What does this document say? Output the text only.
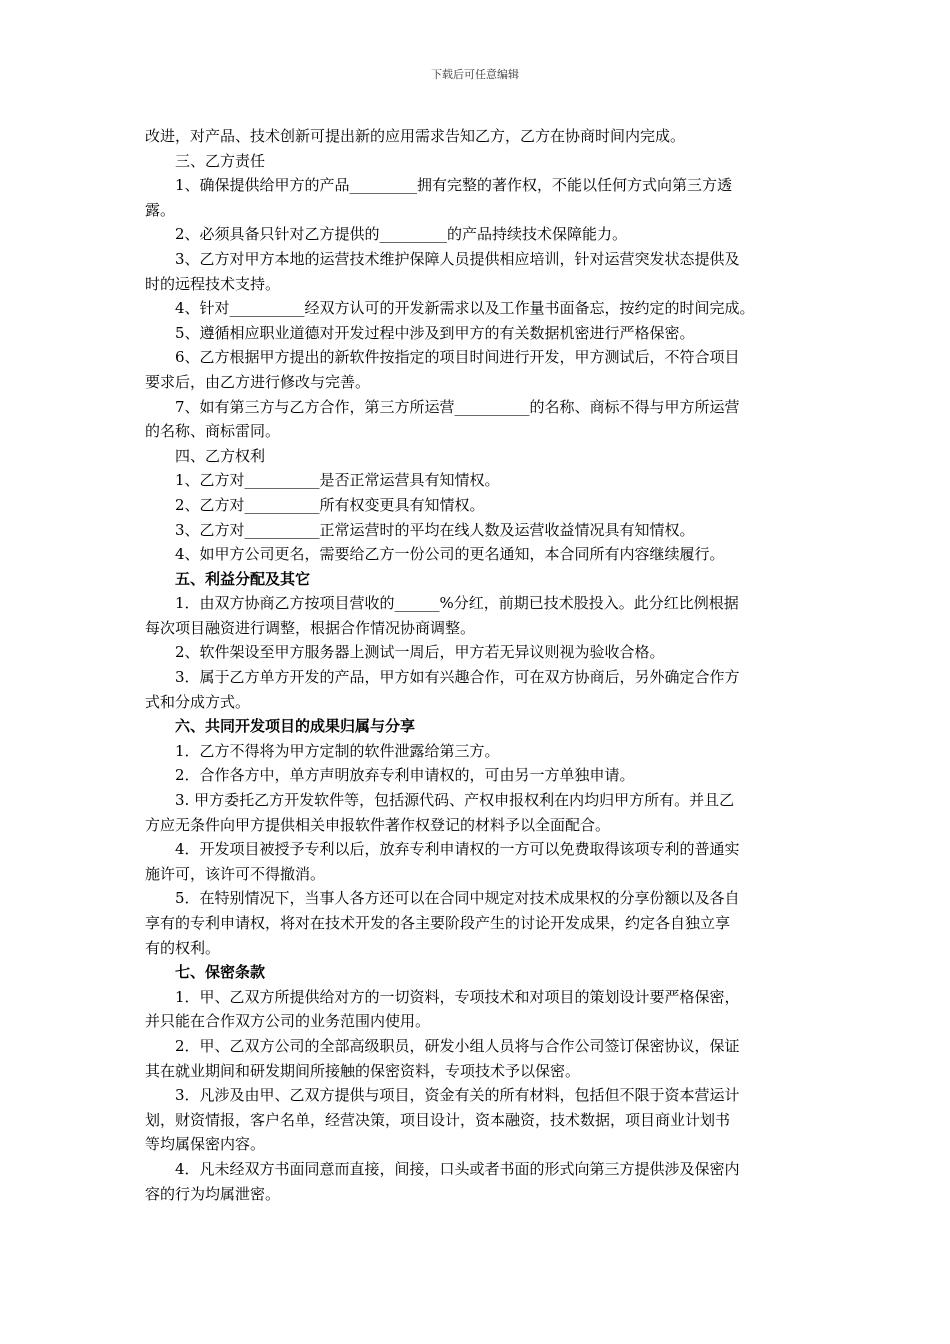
下载后可任意编辑
改进，对产品、技术创新可提出新的应用需求告知乙方，乙方在协商时间内完成。
三、乙方责任
1、确保提供给甲方的产品_________拥有完整的著作权，不能以任何方式向第三方透
露。
2、必须具备只针对乙方提供的_________的产品持续技术保障能力。
3、乙方对甲方本地的运营技术维护保障人员提供相应培训，针对运营突发状态提供及
时的远程技术支持。
4、针对__________经双方认可的开发新需求以及工作量书面备忘，按约定的时间完成。
5、遵循相应职业道德对开发过程中涉及到甲方的有关数据机密进行严格保密。
6、乙方根据甲方提出的新软件按指定的项目时间进行开发，甲方测试后，不符合项目
要求后，由乙方进行修改与完善。
7、如有第三方与乙方合作，第三方所运营__________的名称、商标不得与甲方所运营
的名称、商标雷同。
四、乙方权利
1、乙方对__________是否正常运营具有知情权。
2、乙方对__________所有权变更具有知情权。
3、乙方对__________正常运营时的平均在线人数及运营收益情况具有知情权。
4、如甲方公司更名，需要给乙方一份公司的更名通知，本合同所有内容继续履行。
五、利益分配及其它
1．由双方协商乙方按项目营收的______%分红，前期已技术股投入。此分红比例根据
每次项目融资进行调整，根据合作情况协商调整。
2、软件架设至甲方服务器上测试一周后，甲方若无异议则视为验收合格。
3．属于乙方单方开发的产品，甲方如有兴趣合作，可在双方协商后，另外确定合作方
式和分成方式。
六、共同开发项目的成果归属与分享
1．乙方不得将为甲方定制的软件泄露给第三方。
2．合作各方中，单方声明放弃专利申请权的，可由另一方单独申请。
3. 甲方委托乙方开发软件等，包括源代码、产权申报权利在内均归甲方所有。并且乙
方应无条件向甲方提供相关申报软件著作权登记的材料予以全面配合。
4．开发项目被授予专利以后，放弃专利申请权的一方可以免费取得该项专利的普通实
施许可，该许可不得撤消。
5．在特别情况下，当事人各方还可以在合同中规定对技术成果权的分享份额以及各自
享有的专利申请权，将对在技术开发的各主要阶段产生的讨论开发成果，约定各自独立享
有的权利。
七、保密条款
1．甲、乙双方所提供给对方的一切资料，专项技术和对项目的策划设计要严格保密，
并只能在合作双方公司的业务范围内使用。
2．甲、乙双方公司的全部高级职员，研发小组人员将与合作公司签订保密协议，保证
其在就业期间和研发期间所接触的保密资料，专项技术予以保密。
3．凡涉及由甲、乙双方提供与项目，资金有关的所有材料，包括但不限于资本营运计
划，财资情报，客户名单，经营决策，项目设计，资本融资，技术数据，项目商业计划书
等均属保密内容。
4．凡未经双方书面同意而直接，间接，口头或者书面的形式向第三方提供涉及保密内
容的行为均属泄密。
